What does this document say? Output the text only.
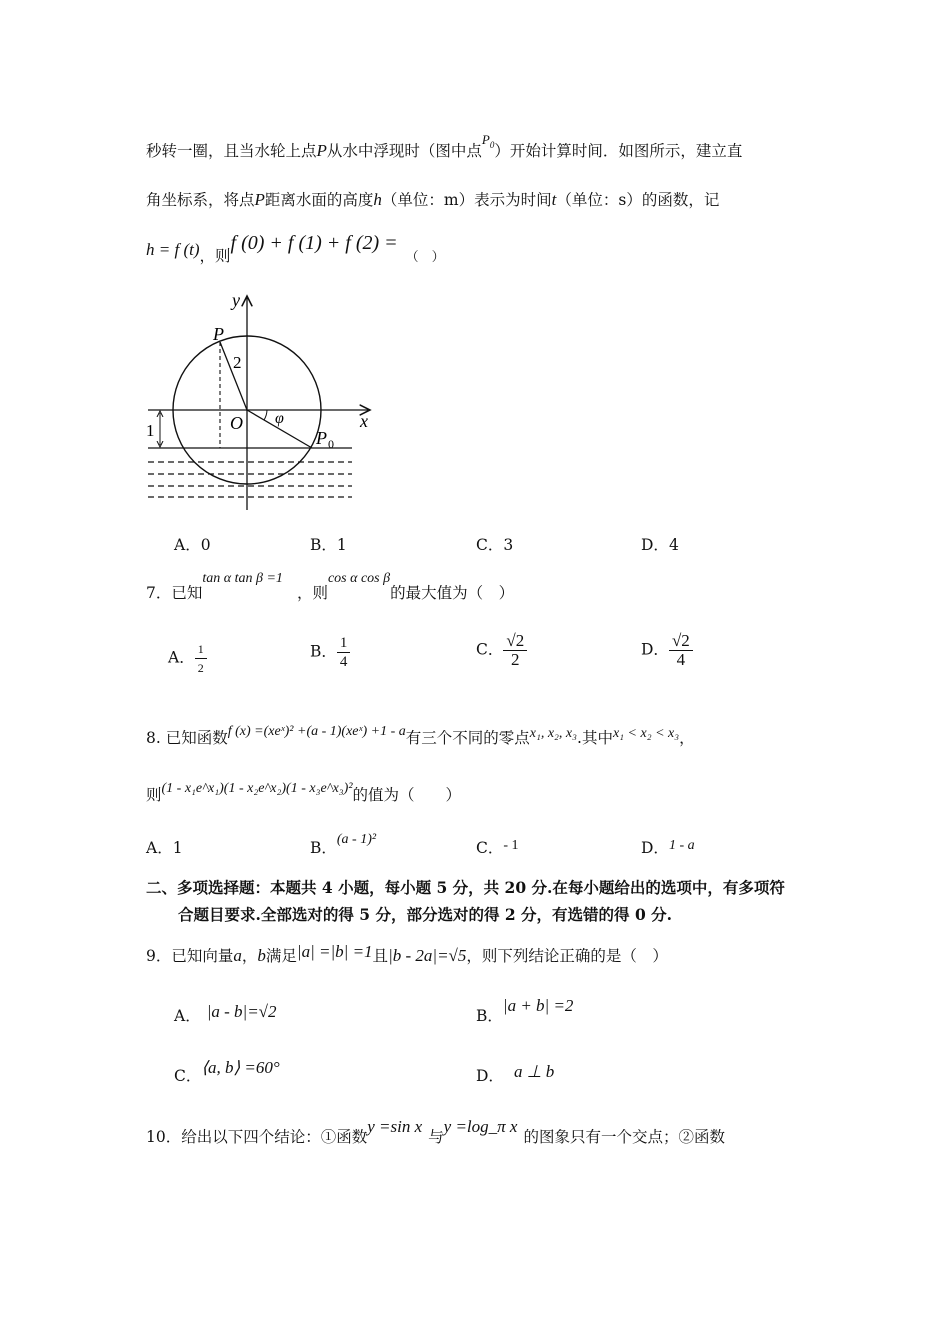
秒转一圈，且当水轮上点P从水中浮现时（图中点$^{P_0}$）开始计算时间．如图所示，建立直
角坐标系，将点P距离水面的高度h（单位：m）表示为时间t（单位：s）的函数，记
h = f (t)，则f (0) + f (1) + f $(2) =_{( )}$
y
x
P
O
2
1
φ
P 0
A．0	B．1	C．3	D．4
7．已知tan α tan β =1，则cos α cos β的最大值为（　）
A． $\frac{1}{2}$	B． $\frac{1}{4}$	C． $\frac{√2}{2}$	D． $\frac{√2}{4}$
8. 已知函数f (x) =(xeˣ)² +(a - 1)(xeˣ) +1 - a有三个不同的零点x₁, x₂, x₃.其中x₁ < x₂ < x₃，
则(1 - x₁e^x₁)(1 - x₂e^x₂)(1 - x₃e^x₃)²的值为（　　）
A．1	B．(a - 1)²	C．- 1	D．1 - a
二、多项选择题：本题共 4 小题，每小题 5 分，共 20 分.在每小题给出的选项中，有多项符
合题目要求.全部选对的得 5 分，部分选对的得 2 分，有选错的得 0 分.
9．已知向量a，b满足|a| =|b| =1且|b - 2a|=√5，则下列结论正确的是（　）
A． |a - b|=√2	B．|a + b| =2
C．⟨a, b⟩ =60°	D． a ⊥ b
10．给出以下四个结论：①函数y =sin x与y =log_π x的图象只有一个交点；②函数
